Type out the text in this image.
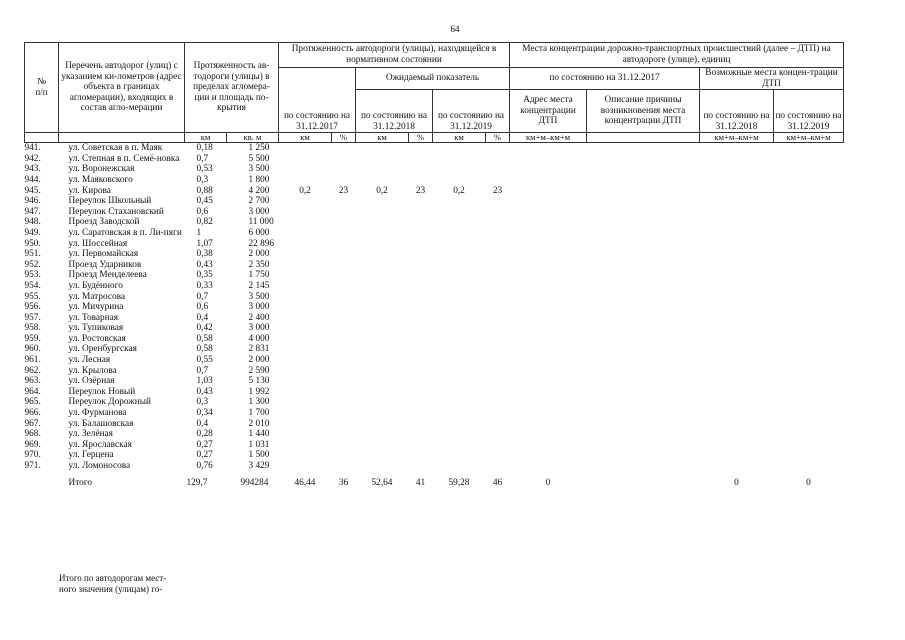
64
№
п/п	Перечень автодорог (улиц) с указанием ки-лометров (адрес объекта в границах агломерации), входящих в состав агло-мерации	Протяженность ав-тодороги (улицы) в пределах агломера-ции и площадь по-крытия		Протяженность автодороги (улицы), находящейся в нормативном состоянии						Места концентрации дорожно-транспортных происшествий (далее – ДТП) на автодороге (улице), единиц			
				по состоянию на 31.12.2017		Ожидаемый показатель				по состоянию на 31.12.2017		Возможные места концен-трации ДТП	
						по состоянию на 31.12.2018		по состоянию на 31.12.2019		Адрес места концентрации ДТП	Описание причины возникновения места концентрации ДТП	по состоянию на 31.12.2018	по состоянию на 31.12.2019
		км	кв. м	км	%	км	%	км	%	км+м–км+м		км+м–км+м	км+м–км+м
941.	ул. Советская в п. Маяк	0,18	1 250										
942.	ул. Степная в п. Семё-новка	0,7	5 500										
943.	ул. Воронежская	0,53	3 500										
944.	ул. Маяковского	0,3	1 800										
945.	ул. Кирова	0,88	4 200	0,2	23	0,2	23	0,2	23				
946.	Переулок Школьный	0,45	2 700										
947.	Переулок Стахановский	0,6	3 000										
948.	Проезд Заводской	0,82	11 000										
949.	ул. Саратовская в п. Ли-пяги	1	6 000										
950.	ул. Шоссейная	1,07	22 896										
951.	ул. Первомайская	0,38	2 000										
952.	Проезд Ударников	0,43	2 350										
953.	Проезд Менделеева	0,35	1 750										
954.	ул. Будённого	0,33	2 145										
955.	ул. Матросова	0,7	3 500										
956.	ул. Мичурина	0,6	3 000										
957.	ул. Товарная	0,4	2 400										
958.	ул. Тупиковая	0,42	3 000										
959.	ул. Ростовская	0,58	4 000										
960.	ул. Оренбургская	0,58	2 831										
961.	ул. Лесная	0,55	2 000										
962.	ул. Крылова	0,7	2 590										
963.	ул. Озёрная	1,03	5 130										
964.	Переулок Новый	0,43	1 992										
965.	Переулок Дорожный	0,3	1 300										
966.	ул. Фурманова	0,34	1 700										
967.	ул. Балашовская	0,4	2 010										
968.	ул. Зелёная	0,28	1 440										
969.	ул. Ярославская	0,27	1 031										
970.	ул. Герцена	0,27	1 500										
971.	ул. Ломоносова	0,76	3 429										
	Итого	129,7	994284	46,44	36	52,64	41	59,28	46	0		0	0
Итого по автодорогам мест-ного значения (улицам) го-
